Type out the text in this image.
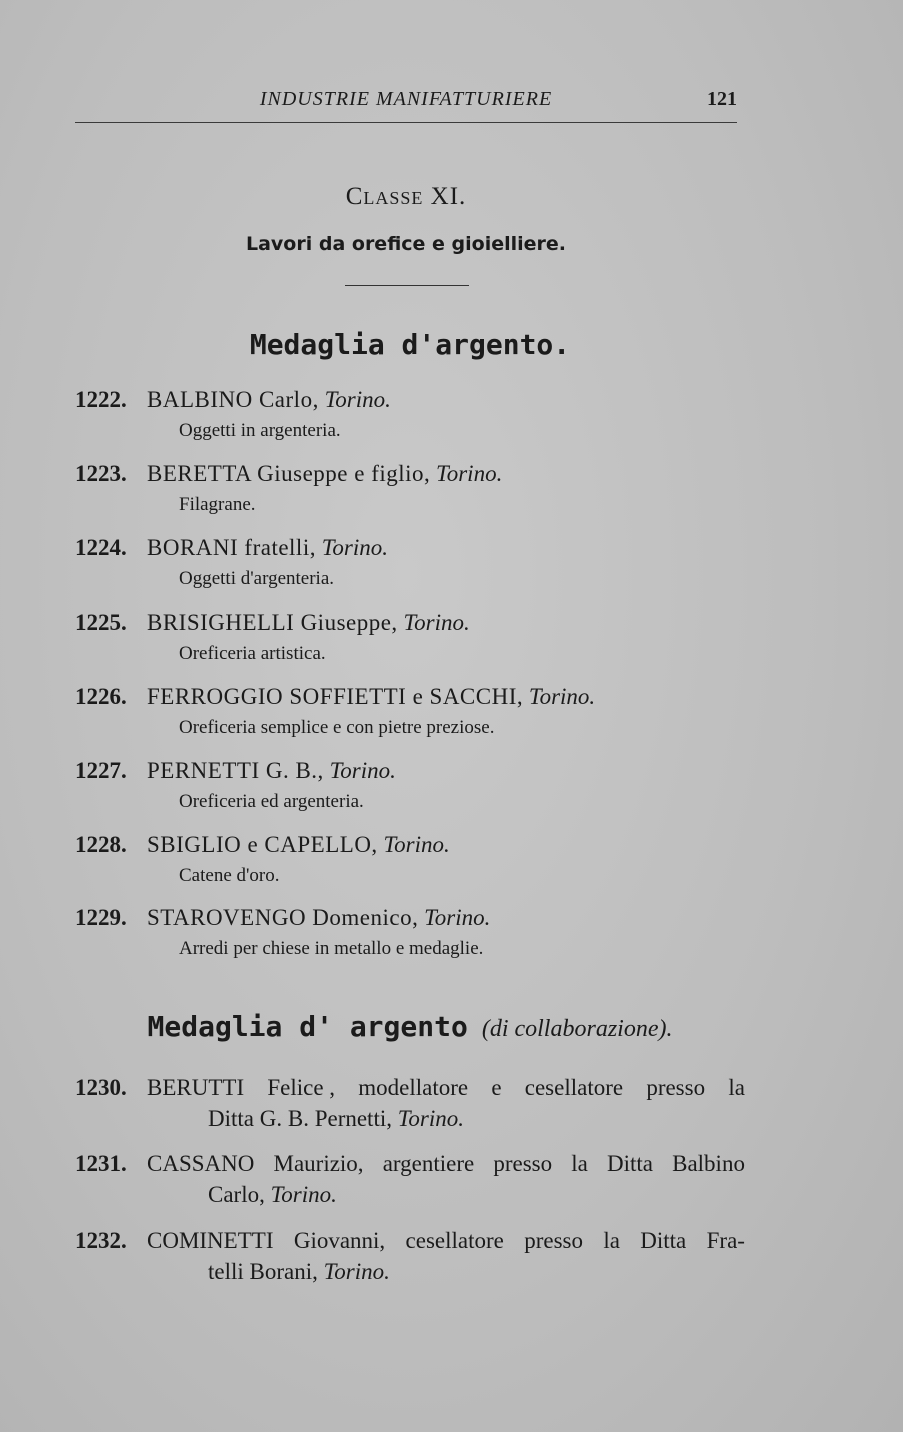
INDUSTRIE MANIFATTURIERE	121
Classe XI.
Lavori da orefice e gioielliere.
Medaglia d'argento.
1222. BALBINO Carlo, Torino.
Oggetti in argenteria.
1223. BERETTA Giuseppe e figlio, Torino.
Filagrane.
1224. BORANI fratelli, Torino.
Oggetti d'argenteria.
1225. BRISIGHELLI Giuseppe, Torino.
Oreficeria artistica.
1226. FERROGGIO SOFFIETTI e SACCHI, Torino.
Oreficeria semplice e con pietre preziose.
1227. PERNETTI G. B., Torino.
Oreficeria ed argenteria.
1228. SBIGLIO e CAPELLO, Torino.
Catene d'oro.
1229. STAROVENGO Domenico, Torino.
Arredi per chiese in metallo e medaglie.
Medaglia d' argento (di collaborazione).
1230. BERUTTI Felice , modellatore e cesellatore presso la
Ditta G. B. Pernetti, Torino.
1231. CASSANO Maurizio, argentiere presso la Ditta Balbino
Carlo, Torino.
1232. COMINETTI Giovanni, cesellatore presso la Ditta Fra-
telli Borani, Torino.
